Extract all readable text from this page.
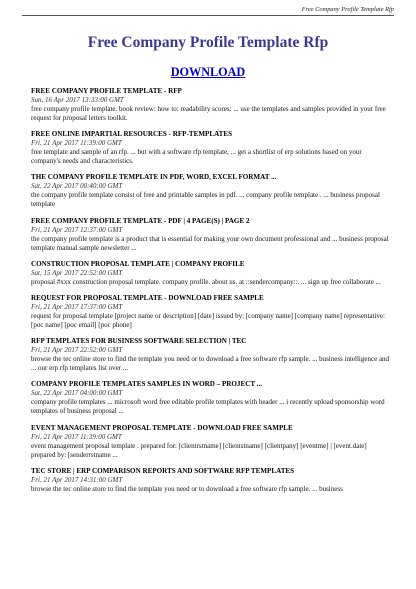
Free Company Profile Template Rfp
Free Company Profile Template Rfp
DOWNLOAD
FREE COMPANY PROFILE TEMPLATE - RFP
Sun, 16 Apr 2017 13:33:00 GMT
free company profile template. book review: how to: readability scores: ... use the templates and samples provided in your free request for proposal letters toolkit.
FREE ONLINE IMPARTIAL RESOURCES - RFP-TEMPLATES
Fri, 21 Apr 2017 11:39:00 GMT
free template and sample of an rfp. ... but with a software rfp template, ... get a shortlist of erp solutions based on your company's needs and characteristics.
THE COMPANY PROFILE TEMPLATE IN PDF, WORD, EXCEL FORMAT ...
Sat, 22 Apr 2017 00:40:00 GMT
the company profile template consist of free and printable samples in pdf. ... company profile template . ... business proposal template
FREE COMPANY PROFILE TEMPLATE - PDF | 4 PAGE(S) | PAGE 2
Fri, 21 Apr 2017 12:37:00 GMT
the company profile template is a product that is essential for making your own document professional and ... business proposal template manual sample newsletter ...
CONSTRUCTION PROPOSAL TEMPLATE | COMPANY PROFILE
Sat, 15 Apr 2017 22:52:00 GMT
proposal #xxx construction proposal template. company profile. about us. at ::sendercompany::. ... sign up free collaborate ...
REQUEST FOR PROPOSAL TEMPLATE - DOWNLOAD FREE SAMPLE
Fri, 21 Apr 2017 17:37:00 GMT
request for proposal template [project name or description] [date] issued by: [company name] [company name] representative: [poc name] [poc email] [poc phone]
RFP TEMPLATES FOR BUSINESS SOFTWARE SELECTION | TEC
Fri, 21 Apr 2017 22:52:00 GMT
browse the tec online store to find the template you need or to download a free software rfp sample. ... business intelligence and ... our erp rfp templates list over ...
COMPANY PROFILE TEMPLATES SAMPLES IN WORD – PROJECT ...
Sat, 22 Apr 2017 04:00:00 GMT
company profile templates ... microsoft word free editable profile templates with header ... i recently upload sponsorship word templates of business proposal ...
EVENT MANAGEMENT PROPOSAL TEMPLATE - DOWNLOAD FREE SAMPLE
Fri, 21 Apr 2017 11:39:00 GMT
event management proposal template . prepared for: [clientrstname] [clientstname] [clientpany] [eventme] | [event.date] prepared by: [senderrstname ...
TEC STORE | ERP COMPARISON REPORTS AND SOFTWARE RFP TEMPLATES
Fri, 21 Apr 2017 14:31:00 GMT
browse the tec online store to find the template you need or to download a free software rfp sample. ... business
